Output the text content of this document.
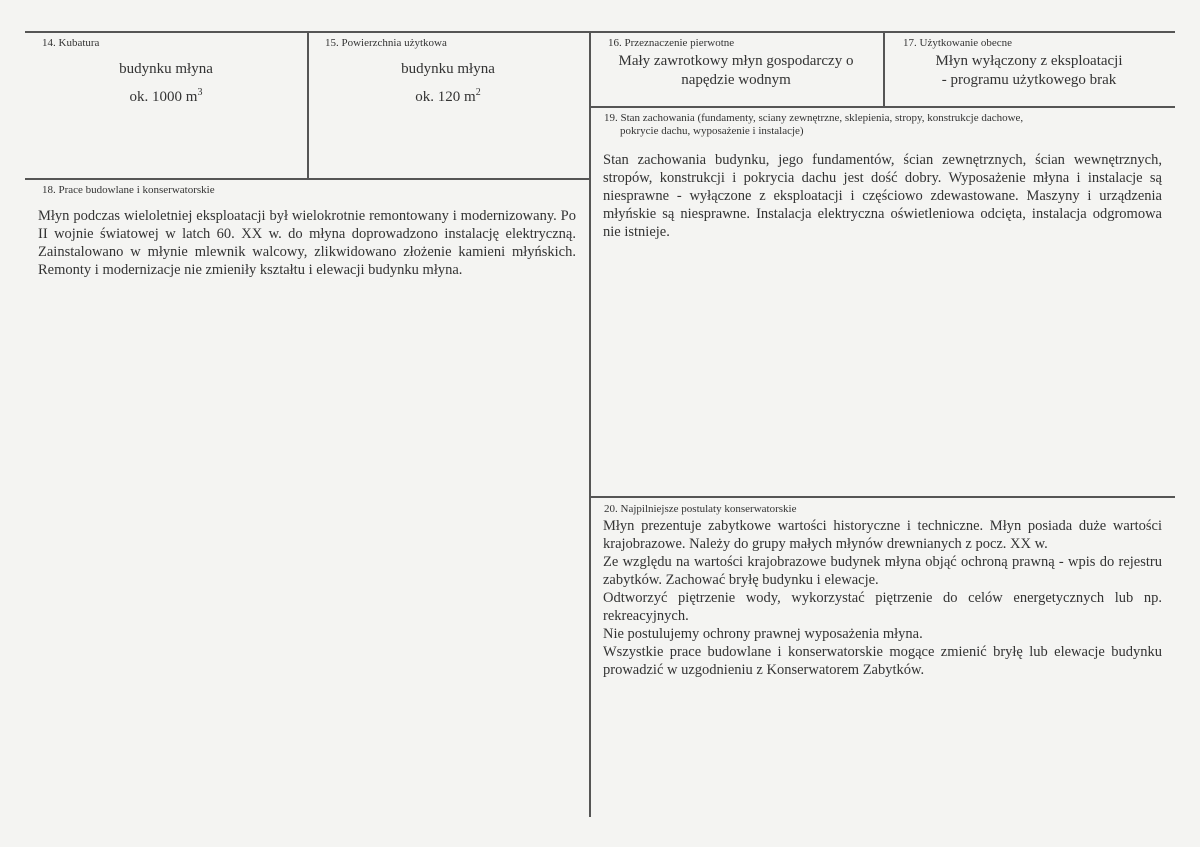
14. Kubatura
budynku młyna
ok. 1000 $m^3$
15. Powierzchnia użytkowa
budynku młyna
ok. 120 $m^2$
16. Przeznaczenie pierwotne
Mały zawrotkowy młyn gospodarczy o
napędzie wodnym
17. Użytkowanie obecne
Młyn wyłączony z eksploatacji
- programu użytkowego brak
18. Prace budowlane i konserwatorskie
Młyn podczas wieloletniej eksploatacji był wielokrotnie remontowany i modernizowany. Po II wojnie światowej w latch 60. XX w. do młyna doprowadzono instalację elektryczną. Zainstalowano w młynie mlewnik walcowy, zlikwidowano złożenie kamieni młyńskich. Remonty i modernizacje nie zmieniły kształtu i elewacji budynku młyna.
19. Stan zachowania (fundamenty, sciany zewnętrzne, sklepienia, stropy, konstrukcje dachowe,
pokrycie dachu, wyposażenie i instalacje)
Stan zachowania budynku, jego fundamentów, ścian zewnętrznych, ścian wewnętrznych, stropów, konstrukcji i pokrycia dachu jest dość dobry. Wyposażenie młyna i instalacje są niesprawne - wyłączone z eksploatacji i częściowo zdewastowane. Maszyny i urządzenia młyńskie są niesprawne. Instalacja elektryczna oświetleniowa odcięta, instalacja odgromowa nie istnieje.
20. Najpilniejsze postulaty konserwatorskie
Młyn prezentuje zabytkowe wartości historyczne i techniczne. Młyn posiada duże wartości krajobrazowe. Należy do grupy małych młynów drewnianych z pocz. XX w.
Ze względu na wartości krajobrazowe budynek młyna objąć ochroną prawną - wpis do rejestru zabytków. Zachować bryłę budynku i elewacje.
Odtworzyć piętrzenie wody, wykorzystać piętrzenie do celów energetycznych lub np. rekreacyjnych.
Nie postulujemy ochrony prawnej wyposażenia młyna.
Wszystkie prace budowlane i konserwatorskie mogące zmienić bryłę lub elewacje budynku prowadzić w uzgodnieniu z Konserwatorem Zabytków.
